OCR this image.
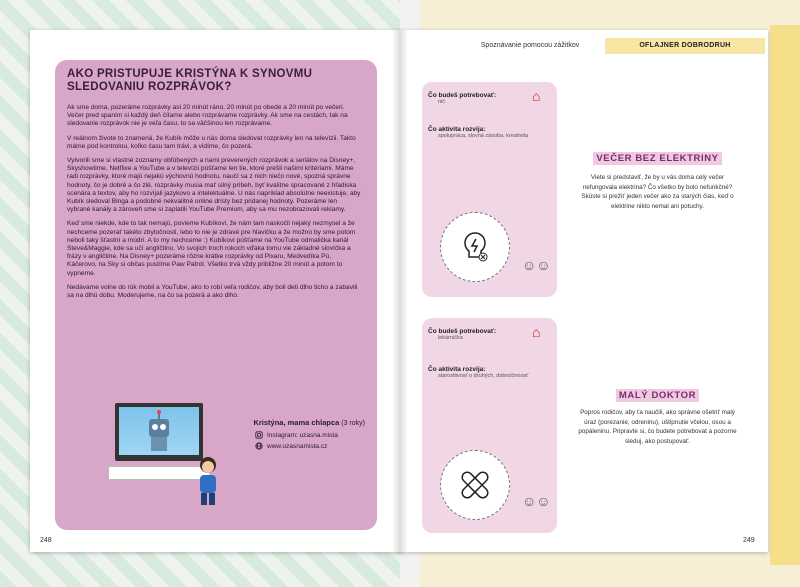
AKO PRISTUPUJE KRISTÝNA K SYNOVMU SLEDOVANIU ROZPRÁVOK?

Ak sme doma, pozeráme rozprávky asi 20 minút ráno, 20 minút po obede a 20 minút po večeri. Večer pred spaním si každý deň čítame alebo rozprávame rozprávky. Ak sme na cestách, tak na sledovanie rozprávok nie je veľa času, to sa väčšinou len rozprávame.

V reálnom živote to znamená, že Kubík môže u nás doma sledovat rozprávky len na televízii. Takto máme pod kontrolou, koľko času tam trávi, a vidíme, čo pozerá.

Vytvorili sme si vlastné zoznamy obľúbených a nami preverených rozprávok a seriálov na Disney+, Skyshowtime, Netflixe a YouTube a v televízii púšťame len tie, ktoré prešli našimi kritériami. Máme radi rozprávky, ktoré majú nejakú výchovnú hodnotu, naučí sa z nich niečo nové, spozná správne hodnoty, čo je dobré a čo zlé, rozprávky musia mať silný príbeh, byť kvalitne spracované z hľadiska scenára a textov, aby ho rozvíjali jazykovo a intelektuálne. U nás napríklad absolútne neexistuje, aby Kubík sledoval Binga a podobné nekvalitné online dristy bez pridanej hodnoty. Pozeráme len vybrané kanály a zároveň sme si zaplatili YouTube Premium, aby sa mu nezobrazovali reklamy.

Keď sme niekde, kde to tak nemajú, povieme Kubíkovi, že nám tam naskočil nejaký nezmysel a že nechceme pozerať takéto zbytočnosti, lebo to nie je zdravé pre hlavičku a že možno by sme potom neboli taký šťastní a múdri. A to my nechceme :) Kubíkovi púšťame na YouTube odmalička kanál Steve&Maggie, kde sa učí angličtinu. Vo svojich troch rokoch vďaka tomu vie základné slovíčka a frázy v angličtine. Na Disney+ pozeráme rôzne krátke rozprávky od Pixaru, Medvedíka Pú, Káčerovo, na Sky si občas pustíme Paw Patrol. Všetko trvá vždy približne 20 minút a potom to vypneme.

Nedávame volne do rúk mobil a YouTube, ako to robí veľa rodičov, aby boli deti dlho ticho a zabavili sa na dlhú dobu. Moderujeme, na čo sa pozerá a ako dlho.

Kristýna, mama chlapca (3 roky)
Instagram: uzasna.mista
www.uzasnamista.cz
248
Spoznávanie pomocou zážitkov	OFLAJNER DOBRODRUH
Čo budeš potrebovať:
nič	⌂
Čo aktivita rozvíja:
spolupráca, slovná zásoba, kreativita
☺☺
VEČER BEZ ELEKTRINY
Viete si predstaviť, že by u vás doma celý večer nefungovala elektrina? Čo všetko by bolo nefunkčné? Skúste si prežiť jeden večer ako za starých čias, keď o elektrine nikto nemal ani potuchy.
Čo budeš potrebovať:
lekárnička	⌂
Čo aktivita rozvíja:
starostlivosť o druhých, dobročinnosť
☺☺
MALÝ DOKTOR
Popros rodičov, aby ťa naučili, ako správne ošetriť malý úraz (porezanie, odreninu), uštipnutie včelou, osou a popáleninu. Pripravte si, čo budete potrebovat a pozorne sleduj, ako postupovať.
249
